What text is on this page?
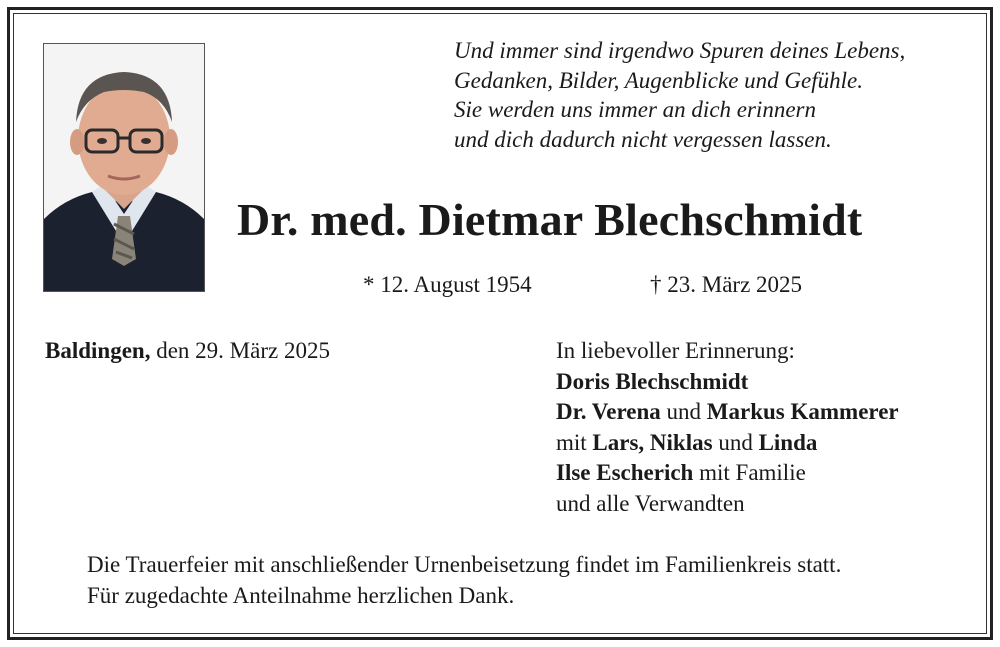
Und immer sind irgendwo Spuren deines Lebens,
Gedanken, Bilder, Augenblicke und Gefühle.
Sie werden uns immer an dich erinnern
und dich dadurch nicht vergessen lassen.
Dr. med. Dietmar Blechschmidt
* 12. August 1954	† 23. März 2025
Baldingen, den 29. März 2025	In liebevoller Erinnerung:
Doris Blechschmidt
Dr. Verena und Markus Kammerer
mit Lars, Niklas und Linda
Ilse Escherich mit Familie
und alle Verwandten
Die Trauerfeier mit anschließender Urnenbeisetzung findet im Familienkreis statt.
Für zugedachte Anteilnahme herzlichen Dank.
